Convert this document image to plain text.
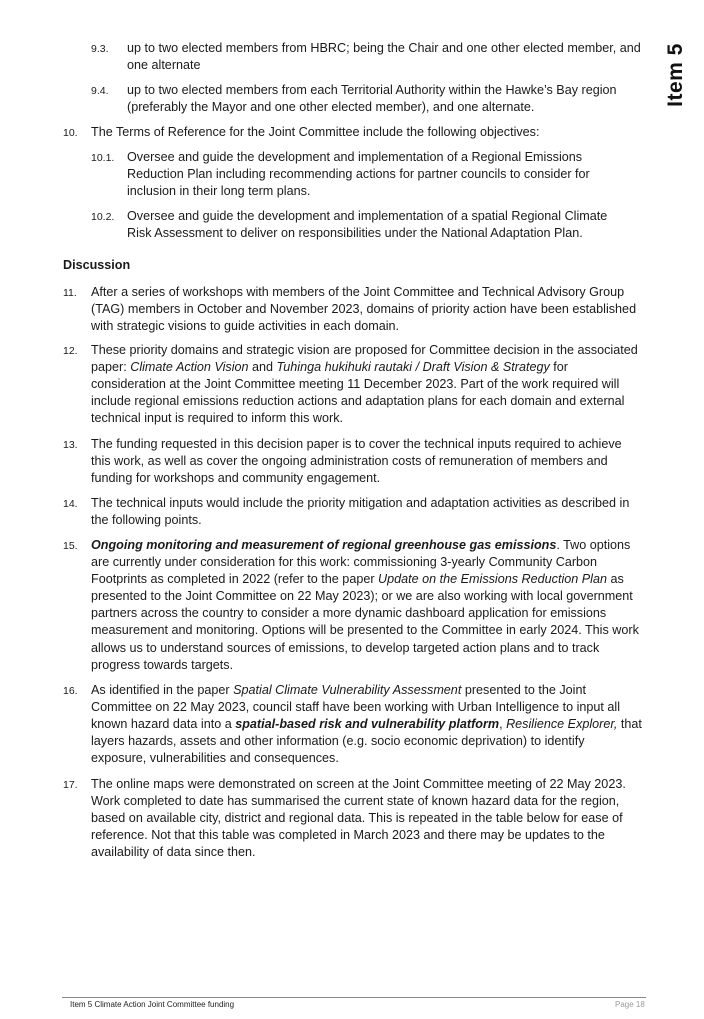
Item 5
9.3.	up to two elected members from HBRC; being the Chair and one other elected member, and one alternate
9.4.	up to two elected members from each Territorial Authority within the Hawke’s Bay region (preferably the Mayor and one other elected member), and one alternate.
10.	The Terms of Reference for the Joint Committee include the following objectives:
10.1.	Oversee and guide the development and implementation of a Regional Emissions Reduction Plan including recommending actions for partner councils to consider for inclusion in their long term plans.
10.2.	Oversee and guide the development and implementation of a spatial Regional Climate Risk Assessment to deliver on responsibilities under the National Adaptation Plan.
Discussion
11.	After a series of workshops with members of the Joint Committee and Technical Advisory Group (TAG) members in October and November 2023, domains of priority action have been established with strategic visions to guide activities in each domain.
12.	These priority domains and strategic vision are proposed for Committee decision in the associated paper: Climate Action Vision and Tuhinga hukihuki rautaki / Draft Vision & Strategy for consideration at the Joint Committee meeting 11 December 2023. Part of the work required will include regional emissions reduction actions and adaptation plans for each domain and external technical input is required to inform this work.
13.	The funding requested in this decision paper is to cover the technical inputs required to achieve this work, as well as cover the ongoing administration costs of remuneration of members and funding for workshops and community engagement.
14.	The technical inputs would include the priority mitigation and adaptation activities as described in the following points.
15.	Ongoing monitoring and measurement of regional greenhouse gas emissions. Two options are currently under consideration for this work: commissioning 3-yearly Community Carbon Footprints as completed in 2022 (refer to the paper Update on the Emissions Reduction Plan as presented to the Joint Committee on 22 May 2023); or we are also working with local government partners across the country to consider a more dynamic dashboard application for emissions measurement and monitoring. Options will be presented to the Committee in early 2024. This work allows us to understand sources of emissions, to develop targeted action plans and to track progress towards targets.
16.	As identified in the paper Spatial Climate Vulnerability Assessment presented to the Joint Committee on 22 May 2023, council staff have been working with Urban Intelligence to input all known hazard data into a spatial-based risk and vulnerability platform, Resilience Explorer, that layers hazards, assets and other information (e.g. socio economic deprivation) to identify exposure, vulnerabilities and consequences.
17.	The online maps were demonstrated on screen at the Joint Committee meeting of 22 May 2023. Work completed to date has summarised the current state of known hazard data for the region, based on available city, district and regional data. This is repeated in the table below for ease of reference. Not that this table was completed in March 2023 and there may be updates to the availability of data since then.
Item 5 Climate Action Joint Committee funding	Page 18
